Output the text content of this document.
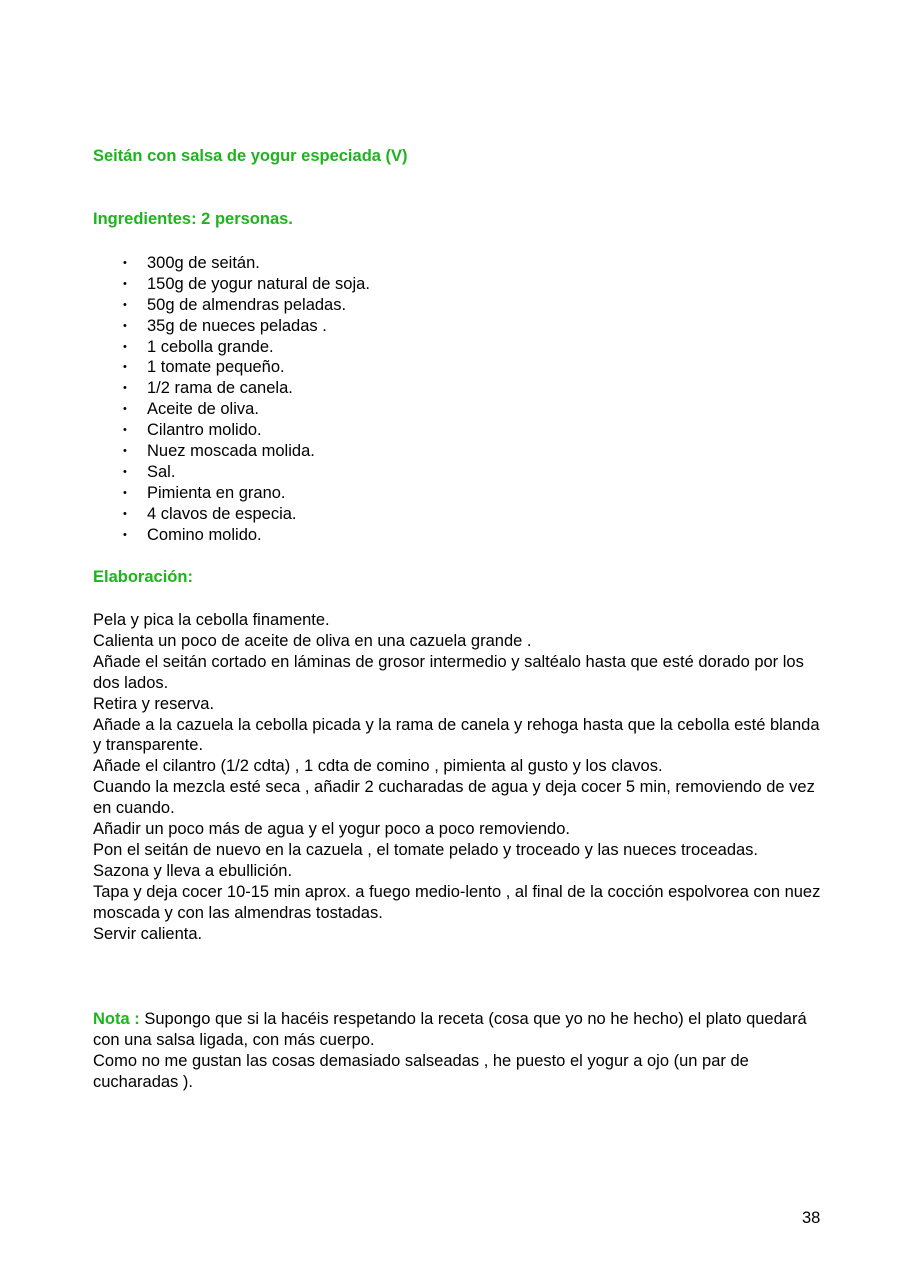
Seitán con salsa de yogur especiada (V)
Ingredientes: 2 personas.
• 300g de seitán.
• 150g de yogur natural de soja.
• 50g de almendras peladas.
• 35g de nueces peladas .
• 1 cebolla grande.
• 1 tomate pequeño.
• 1/2 rama de canela.
• Aceite de oliva.
• Cilantro molido.
• Nuez moscada molida.
• Sal.
• Pimienta en grano.
• 4 clavos de especia.
• Comino molido.
Elaboración:

Pela y pica la cebolla finamente.

Calienta un poco de aceite de oliva en una cazuela grande .

Añade el seitán cortado en láminas de grosor intermedio y saltéalo hasta que esté dorado por los dos lados.

Retira y reserva.

Añade a la cazuela la cebolla picada y la rama de canela y rehoga hasta que la cebolla esté blanda y transparente.

Añade el cilantro (1/2 cdta) , 1 cdta de comino , pimienta al gusto y los clavos.

Cuando la mezcla esté seca , añadir 2 cucharadas de agua y deja cocer 5 min, removiendo de vez en cuando.

Añadir un poco más de agua y el yogur poco a poco removiendo.

Pon el seitán de nuevo en la cazuela , el tomate pelado y troceado y las nueces troceadas.

Sazona y lleva a ebullición.

Tapa y deja cocer 10-15 min aprox. a fuego medio-lento , al final de la cocción espolvorea con nuez moscada y con las almendras tostadas.

Servir calienta.

Nota : Supongo que si la hacéis respetando la receta (cosa que yo no he hecho) el plato quedará con una salsa ligada, con más cuerpo.

Como no me gustan las cosas demasiado salseadas , he puesto el yogur a ojo (un par de cucharadas ).

38
